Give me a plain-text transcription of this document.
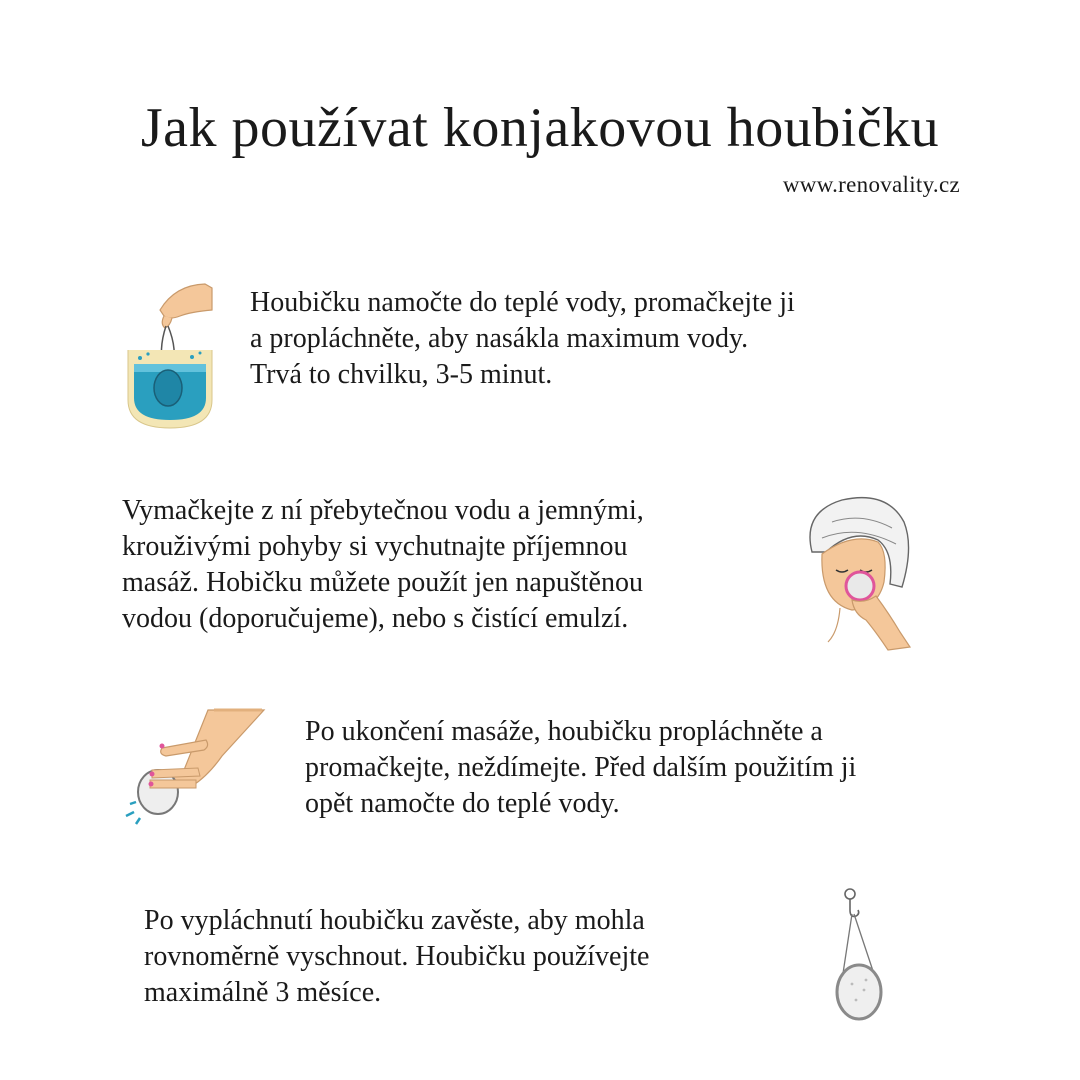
Jak používat konjakovou houbičku
www.renovality.cz

Houbičku namočte do teplé vody, promačkejte ji
a propláchněte, aby nasákla maximum vody.
Trvá to chvilku, 3-5 minut.

Vymačkejte z ní přebytečnou vodu a jemnými,
krouživými pohyby si vychutnajte příjemnou
masáž. Hobičku můžete použít jen napuštěnou
vodou (doporučujeme), nebo s čistící emulzí.

Po ukončení masáže, houbičku propláchněte a
promačkejte, neždímejte. Před dalším použitím ji
opět namočte do teplé vody.

Po vypláchnutí houbičku zavěste, aby mohla
rovnoměrně vyschnout. Houbičku používejte
maximálně 3 měsíce.
